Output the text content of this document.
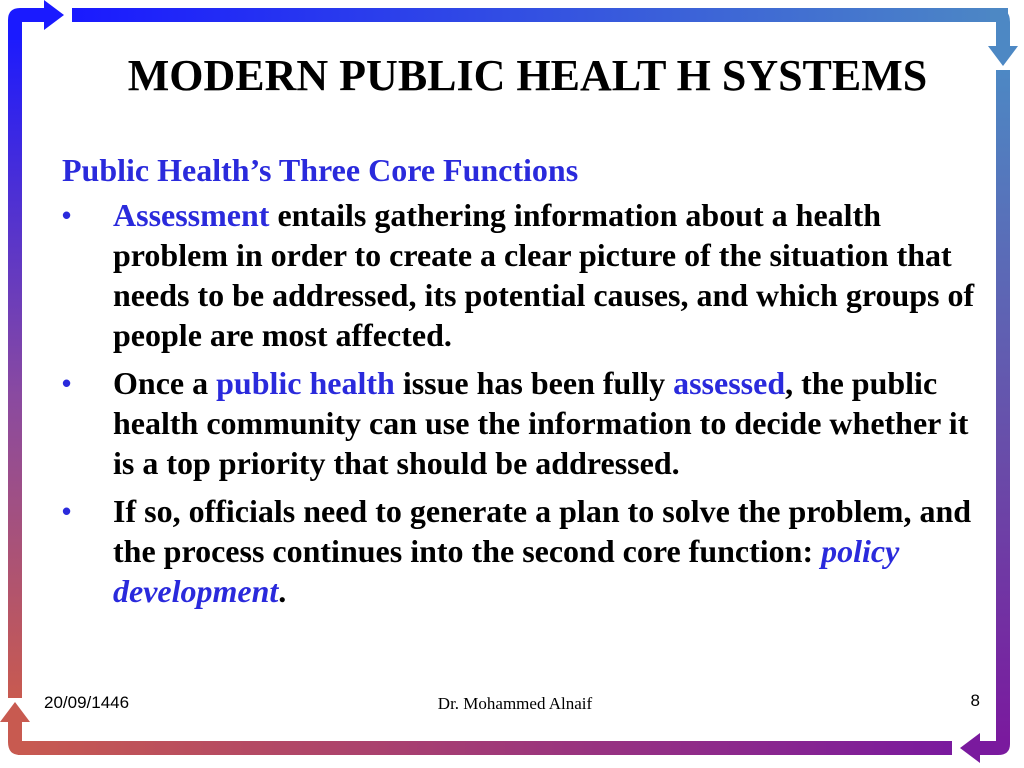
MODERN PUBLIC HEALT H SYSTEMS
Public Health’s Three Core Functions
• Assessment entails gathering information about a health problem in order to create a clear picture of the situation that needs to be addressed, its potential causes, and which groups of people are most affected.
• Once a public health issue has been fully assessed, the public health community can use the information to decide whether it is a top priority that should be addressed.
• If so, officials need to generate a plan to solve the problem, and the process continues into the second core function: policy development.
20/09/1446	Dr. Mohammed Alnaif	8
